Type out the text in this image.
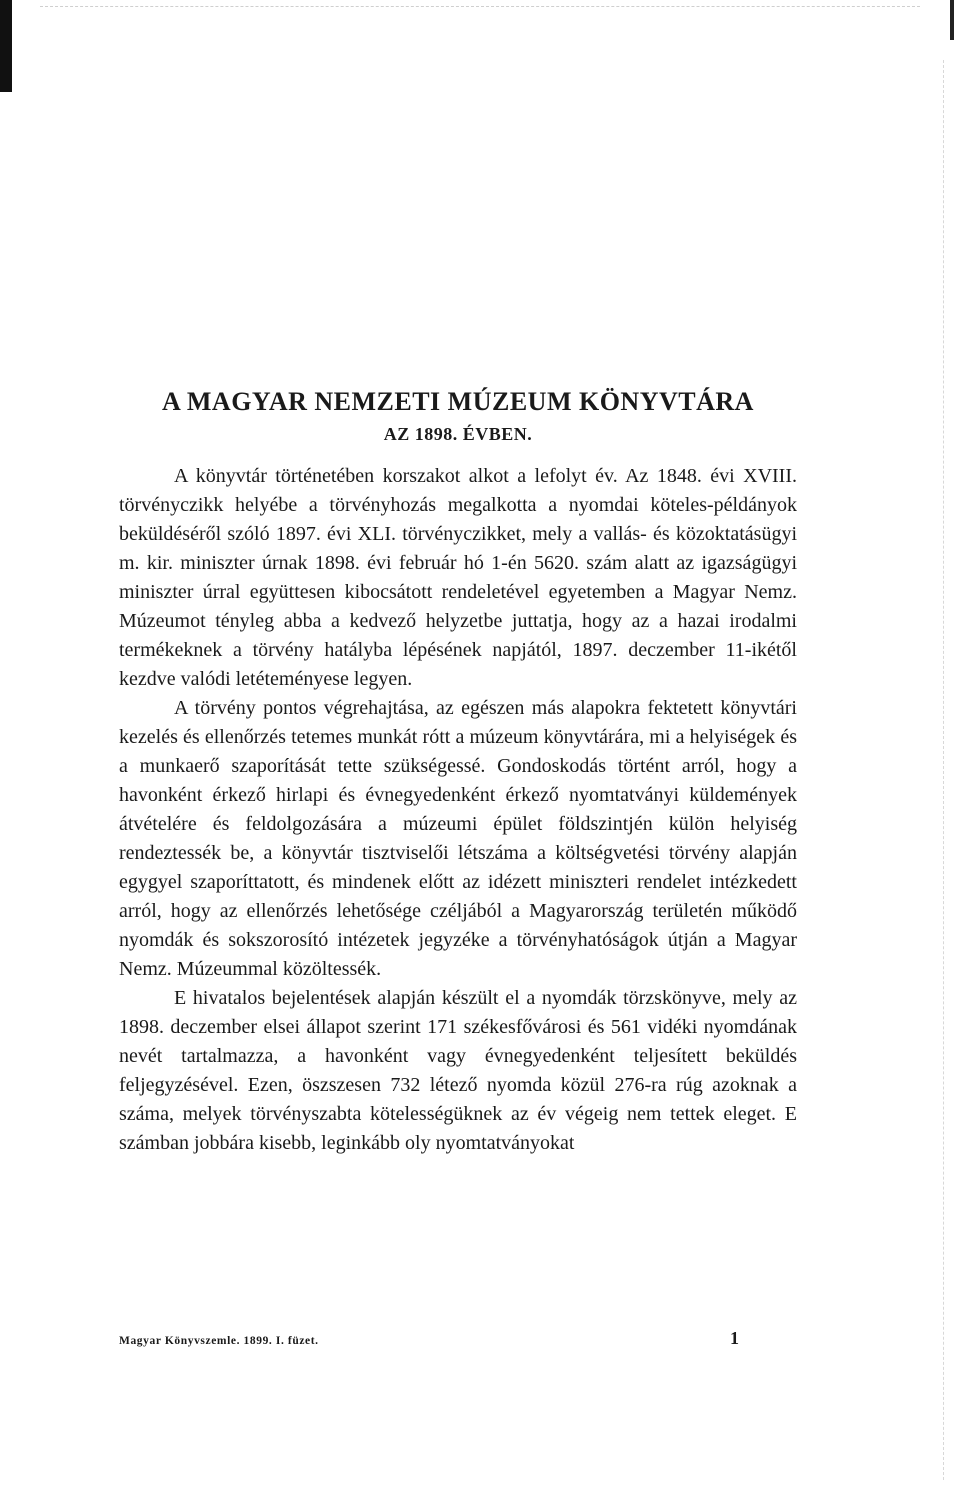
A MAGYAR NEMZETI MÚZEUM KÖNYVTÁRA
AZ 1898. ÉVBEN.

A könyvtár történetében korszakot alkot a lefolyt év. Az 1848. évi XVIII. törvényczikk helyébe a törvényhozás megalkotta a nyomdai köteles-példányok beküldéséről szóló 1897. évi XLI. törvényczikket, mely a vallás- és közoktatásügyi m. kir. miniszter úrnak 1898. évi február hó 1-én 5620. szám alatt az igazságügyi miniszter úrral együttesen kibocsátott rendeletével egyetemben a Magyar Nemz. Múzeumot tényleg abba a kedvező helyzetbe juttatja, hogy az a hazai irodalmi termékeknek a törvény hatályba lépésének napjától, 1897. deczember 11-ikétől kezdve valódi letéteményese legyen.

A törvény pontos végrehajtása, az egészen más alapokra fektetett könyvtári kezelés és ellenőrzés tetemes munkát rótt a múzeum könyvtárára, mi a helyiségek és a munkaerő szaporítását tette szükségessé. Gondoskodás történt arról, hogy a havonként érkező hirlapi és évnegyedenként érkező nyomtatványi küldemények átvételére és feldolgozására a múzeumi épület földszintjén külön helyiség rendeztessék be, a könyvtár tisztviselői létszáma a költségvetési törvény alapján egygyel szaporíttatott, és mindenek előtt az idézett miniszteri rendelet intézkedett arról, hogy az ellenőrzés lehetősége czéljából a Magyarország területén működő nyomdák és sokszorosító intézetek jegyzéke a törvényhatóságok útján a Magyar Nemz. Múzeummal közöltessék.

E hivatalos bejelentések alapján készült el a nyomdák törzskönyve, mely az 1898. deczember elsei állapot szerint 171 székesfővárosi és 561 vidéki nyomdának nevét tartalmazza, a havonként vagy évnegyedenként teljesített beküldés feljegyzésével. Ezen, öszszesen 732 létező nyomda közül 276-ra rúg azoknak a száma, melyek törvényszabta kötelességüknek az év végeig nem tettek eleget. E számban jobbára kisebb, leginkább oly nyomtatványokat

Magyar Könyvszemle. 1899. I. füzet.	1
